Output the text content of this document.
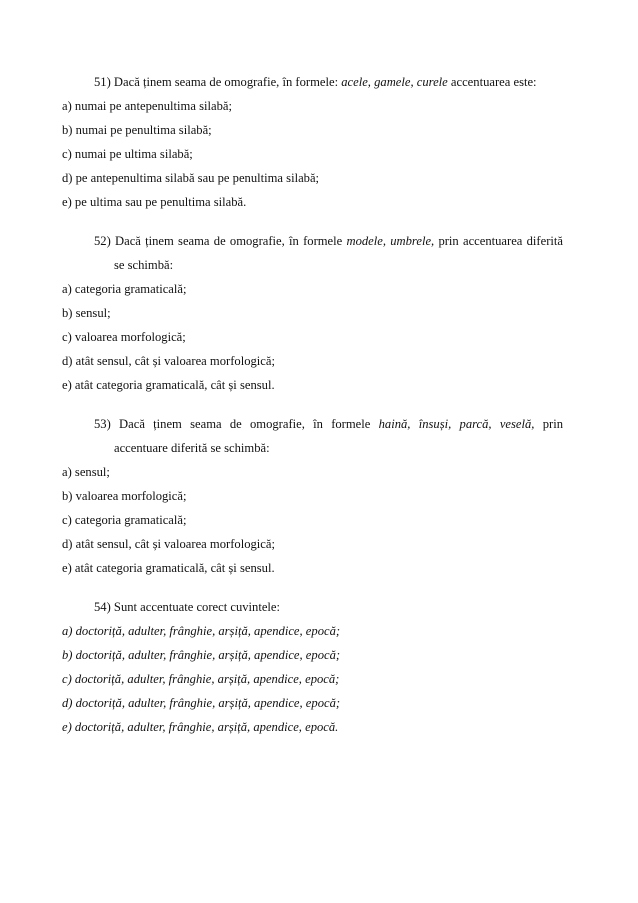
51) Dacă ținem seama de omografie, în formele: acele, gamele, curele accentuarea este:
a) numai pe antepenultima silabă;
b) numai pe penultima silabă;
c) numai pe ultima silabă;
d) pe antepenultima silabă sau pe penultima silabă;
e) pe ultima sau pe penultima silabă.
52) Dacă ținem seama de omografie, în formele modele, umbrele, prin accentuarea diferită
se schimbă:
a) categoria gramaticală;
b) sensul;
c) valoarea morfologică;
d) atât sensul, cât și valoarea morfologică;
e) atât categoria gramaticală, cât și sensul.
53) Dacă ținem seama de omografie, în formele haină, însuși, parcă, veselă, prin
accentuare diferită se schimbă:
a) sensul;
b) valoarea morfologică;
c) categoria gramaticală;
d) atât sensul, cât și valoarea morfologică;
e) atât categoria gramaticală, cât și sensul.
54) Sunt accentuate corect cuvintele:
a) doctoriță, adulter, frânghie, arșiță, apendice, epocă;
b) doctoriță, adulter, frânghie, arșiță, apendice, epocă;
c) doctoriță, adulter, frânghie, arșiță, apendice, epocă;
d) doctoriță, adulter, frânghie, arșiță, apendice, epocă;
e) doctoriță, adulter, frânghie, arșiță, apendice, epocă.
